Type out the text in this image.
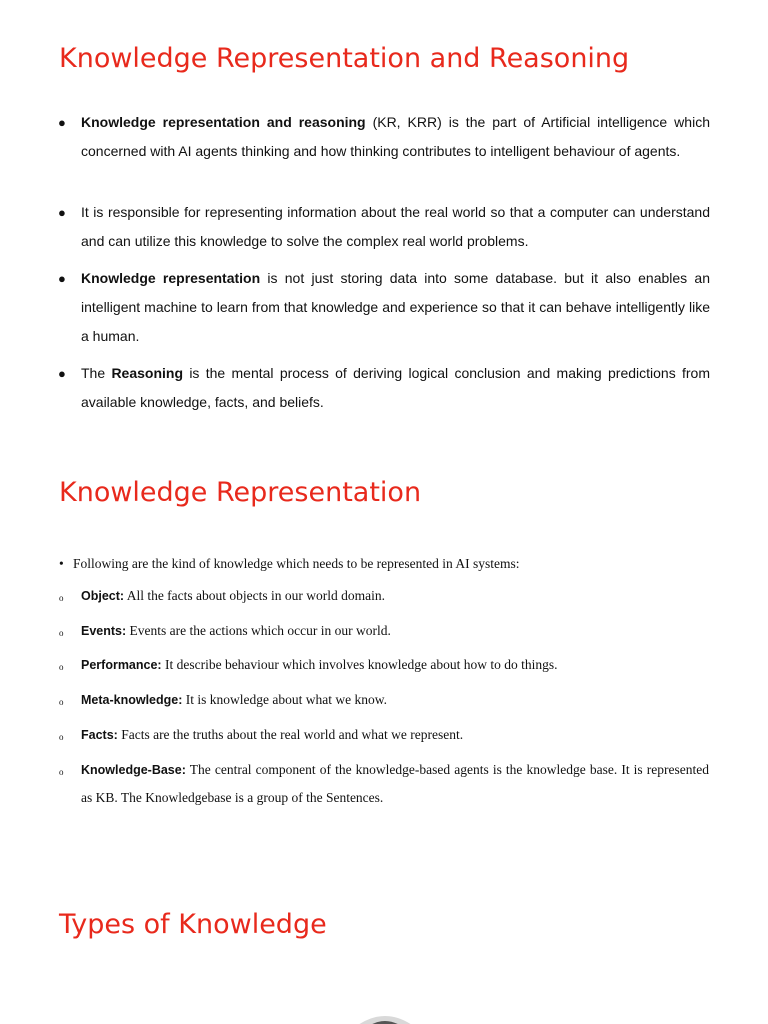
Knowledge Representation and Reasoning
● Knowledge representation and reasoning (KR, KRR) is the part of Artificial intelligence which concerned with AI agents thinking and how thinking contributes to intelligent behaviour of agents.
● It is responsible for representing information about the real world so that a computer can understand and can utilize this knowledge to solve the complex real world problems.
● Knowledge representation is not just storing data into some database. but it also enables an intelligent machine to learn from that knowledge and experience so that it can behave intelligently like a human.
● The Reasoning is the mental process of deriving logical conclusion and making predictions from available knowledge, facts, and beliefs.
Knowledge Representation

• Following are the kind of knowledge which needs to be represented in AI systems:

o Object: All the facts about objects in our world domain.
o Events: Events are the actions which occur in our world.
o Performance: It describe behaviour which involves knowledge about how to do things.
o Meta-knowledge: It is knowledge about what we know.
o Facts: Facts are the truths about the real world and what we represent.
o Knowledge-Base: The central component of the knowledge-based agents is the knowledge base. It is represented as KB. The Knowledgebase is a group of the Sentences.
Types of Knowledge
